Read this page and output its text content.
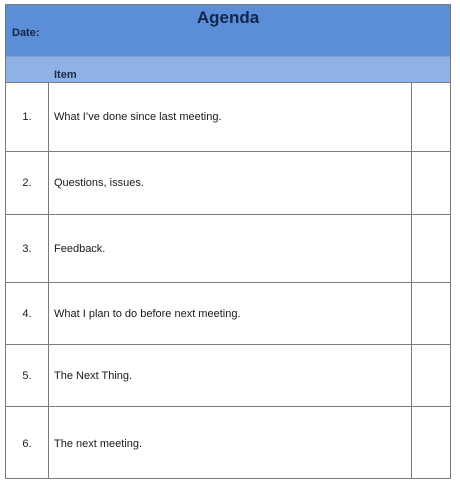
Agenda
Date:
Item
1.	What I’ve done since last meeting.
2.	Questions, issues.
3.	Feedback.
4.	What I plan to do before next meeting.
5.	The Next Thing.
6.	The next meeting.
